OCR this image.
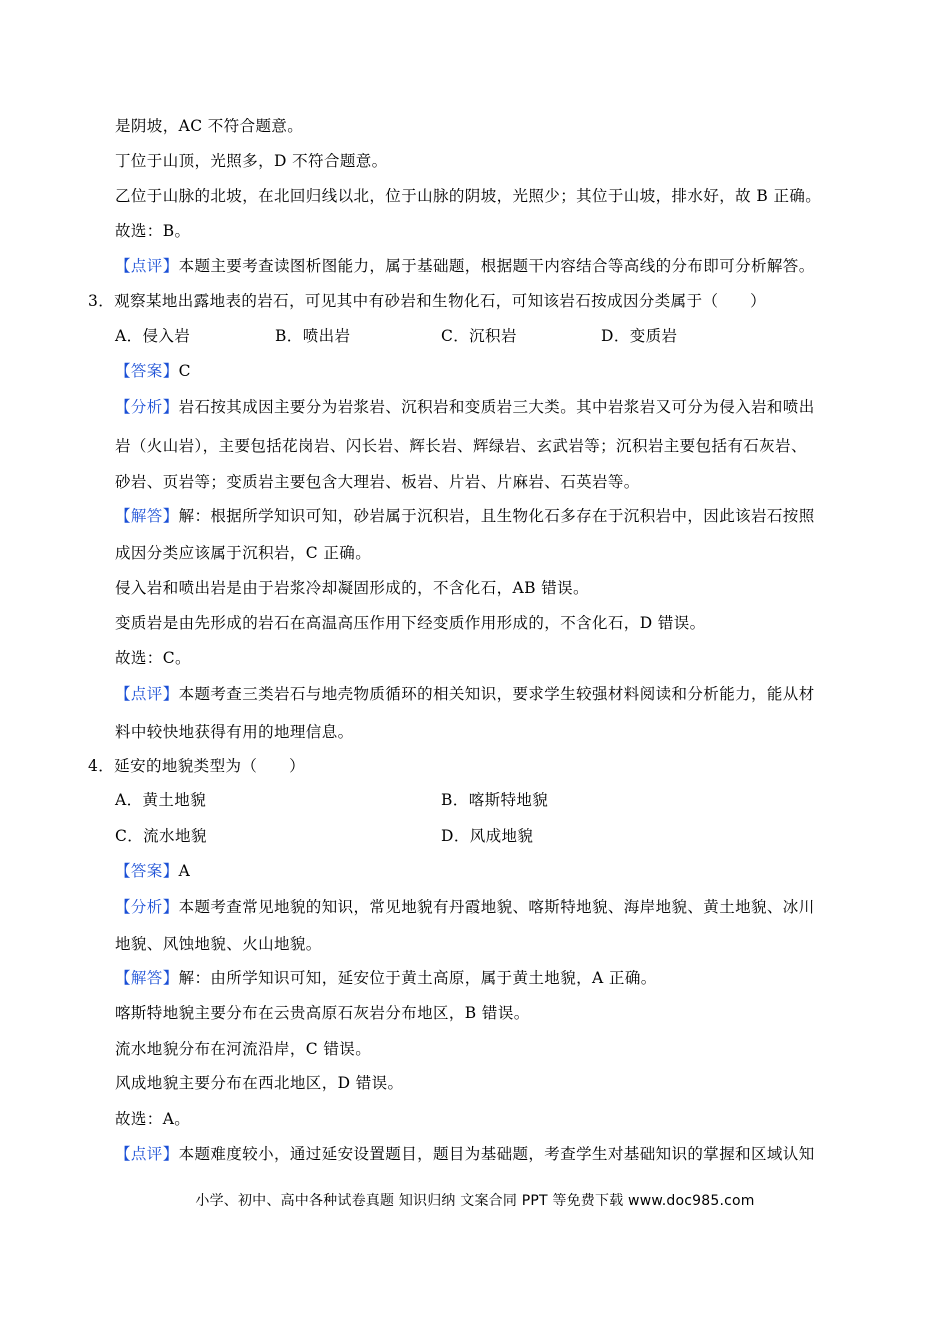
是阴坡，AC 不符合题意。
丁位于山顶，光照多，D 不符合题意。
乙位于山脉的北坡，在北回归线以北，位于山脉的阴坡，光照少；其位于山坡，排水好，故 B 正确。
故选：B。
【点评】本题主要考查读图析图能力，属于基础题，根据题干内容结合等高线的分布即可分析解答。
3．观察某地出露地表的岩石，可见其中有砂岩和生物化石，可知该岩石按成因分类属于（　　）
A．侵入岩	B．喷出岩	C．沉积岩	D．变质岩
【答案】C
【分析】岩石按其成因主要分为岩浆岩、沉积岩和变质岩三大类。其中岩浆岩又可分为侵入岩和喷出
岩（火山岩），主要包括花岗岩、闪长岩、辉长岩、辉绿岩、玄武岩等；沉积岩主要包括有石灰岩、
砂岩、页岩等；变质岩主要包含大理岩、板岩、片岩、片麻岩、石英岩等。
【解答】解：根据所学知识可知，砂岩属于沉积岩，且生物化石多存在于沉积岩中，因此该岩石按照
成因分类应该属于沉积岩，C 正确。
侵入岩和喷出岩是由于岩浆冷却凝固形成的，不含化石，AB 错误。
变质岩是由先形成的岩石在高温高压作用下经变质作用形成的，不含化石，D 错误。
故选：C。
【点评】本题考查三类岩石与地壳物质循环的相关知识，要求学生较强材料阅读和分析能力，能从材
料中较快地获得有用的地理信息。
4．延安的地貌类型为（　　）
A．黄土地貌	B．喀斯特地貌
C．流水地貌	D．风成地貌
【答案】A
【分析】本题考查常见地貌的知识，常见地貌有丹霞地貌、喀斯特地貌、海岸地貌、黄土地貌、冰川
地貌、风蚀地貌、火山地貌。
【解答】解：由所学知识可知，延安位于黄土高原，属于黄土地貌，A 正确。
喀斯特地貌主要分布在云贵高原石灰岩分布地区，B 错误。
流水地貌分布在河流沿岸，C 错误。
风成地貌主要分布在西北地区，D 错误。
故选：A。
【点评】本题难度较小，通过延安设置题目，题目为基础题，考查学生对基础知识的掌握和区域认知
小学、初中、高中各种试卷真题 知识归纳 文案合同 PPT 等免费下载 www.doc985.com
